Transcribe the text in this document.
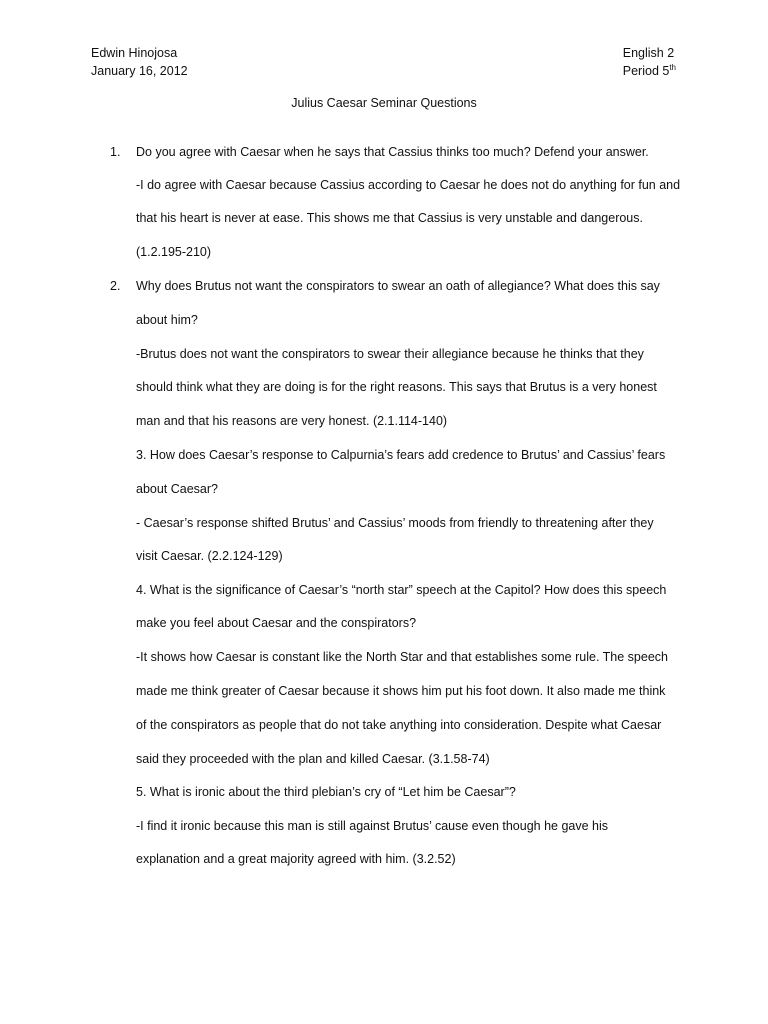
Edwin Hinojosa
January 16, 2012
English 2
Period 5th
Julius Caesar Seminar Questions
1.
2.
Do you agree with Caesar when he says that Cassius thinks too much? Defend your answer.
-I do agree with Caesar because Cassius according to Caesar he does not do anything for fun and
that his heart is never at ease. This shows me that Cassius is very unstable and dangerous.
(1.2.195-210)
Why does Brutus not want the conspirators to swear an oath of allegiance? What does this say
about him?
-Brutus does not want the conspirators to swear their allegiance because he thinks that they
should think what they are doing is for the right reasons. This says that Brutus is a very honest
man and that his reasons are very honest. (2.1.114-140)
3. How does Caesar’s response to Calpurnia’s fears add credence to Brutus’ and Cassius’ fears
about Caesar?
- Caesar’s response shifted Brutus’ and Cassius’ moods from friendly to threatening after they
visit Caesar. (2.2.124-129)
4. What is the significance of Caesar’s “north star” speech at the Capitol? How does this speech
make you feel about Caesar and the conspirators?
-It shows how Caesar is constant like the North Star and that establishes some rule. The speech
made me think greater of Caesar because it shows him put his foot down. It also made me think
of the conspirators as people that do not take anything into consideration. Despite what Caesar
said they proceeded with the plan and killed Caesar. (3.1.58-74)
5. What is ironic about the third plebian’s cry of “Let him be Caesar”?
-I find it ironic because this man is still against Brutus’ cause even though he gave his
explanation and a great majority agreed with him. (3.2.52)
